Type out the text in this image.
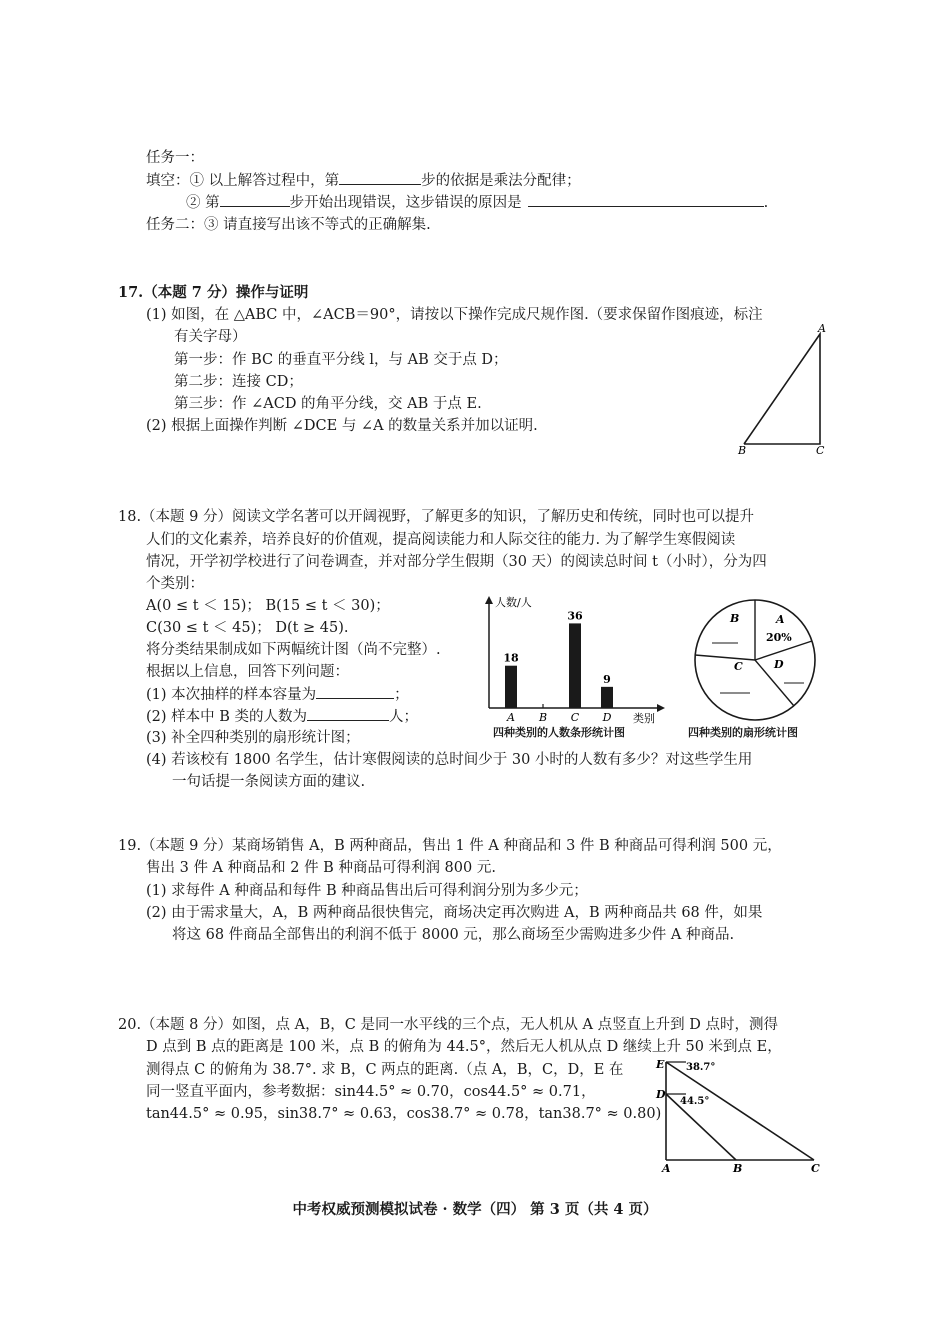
任务一：
填空：① 以上解答过程中，第	步的依据是乘法分配律；
② 第	步开始出现错误，这步错误的原因是	.
任务二：③ 请直接写出该不等式的正确解集.
17.（本题 7 分）操作与证明
(1) 如图，在 △ABC 中，∠ACB＝90°，请按以下操作完成尺规作图.（要求保留作图痕迹，标注
有关字母）
第一步：作 BC 的垂直平分线 l，与 AB 交于点 D；
第二步：连接 CD；
第三步：作 ∠ACD 的角平分线，交 AB 于点 E.
(2) 根据上面操作判断 ∠DCE 与 ∠A 的数量关系并加以证明.
A
B	C
18.（本题 9 分）阅读文学名著可以开阔视野，了解更多的知识，了解历史和传统，同时也可以提升
人们的文化素养，培养良好的价值观，提高阅读能力和人际交往的能力. 为了解学生寒假阅读
情况，开学初学校进行了问卷调查，并对部分学生假期（30 天）的阅读总时间 t（小时），分为四
个类别：
A(0 ≤ t ＜ 15)； B(15 ≤ t ＜ 30)；
C(30 ≤ t ＜ 45)； D(t ≥ 45).
将分类结果制成如下两幅统计图（尚不完整）.
根据以上信息，回答下列问题：
(1) 本次抽样的样本容量为	；
(2) 样本中 B 类的人数为	人；
(3) 补全四种类别的扇形统计图；
(4) 若该校有 1800 名学生，估计寒假阅读的总时间少于 30 小时的人数有多少？对这些学生用
一句话提一条阅读方面的建议.
人数/人
类别
18
A B
36
C
9
D
四种类别的人数条形统计图
B	A
20%
C	D
四种类别的扇形统计图
19.（本题 9 分）某商场销售 A，B 两种商品，售出 1 件 A 种商品和 3 件 B 种商品可得利润 500 元，
售出 3 件 A 种商品和 2 件 B 种商品可得利润 800 元.
(1) 求每件 A 种商品和每件 B 种商品售出后可得利润分别为多少元；
(2) 由于需求量大，A，B 两种商品很快售完，商场决定再次购进 A，B 两种商品共 68 件，如果
将这 68 件商品全部售出的利润不低于 8000 元，那么商场至少需购进多少件 A 种商品.
20.（本题 8 分）如图，点 A，B，C 是同一水平线的三个点，无人机从 A 点竖直上升到 D 点时，测得
D 点到 B 点的距离是 100 米，点 B 的俯角为 44.5°，然后无人机从点 D 继续上升 50 米到点 E，
测得点 C 的俯角为 38.7°. 求 B，C 两点的距离.（点 A，B，C，D，E 在
同一竖直平面内，参考数据：sin44.5° ≈ 0.70，cos44.5° ≈ 0.71，
tan44.5° ≈ 0.95，sin38.7° ≈ 0.63，cos38.7° ≈ 0.78，tan38.7° ≈ 0.80)
E 38.7°
D
44.5°
A	B	C
中考权威预测模拟试卷 · 数学（四） 第 3 页（共 4 页）
